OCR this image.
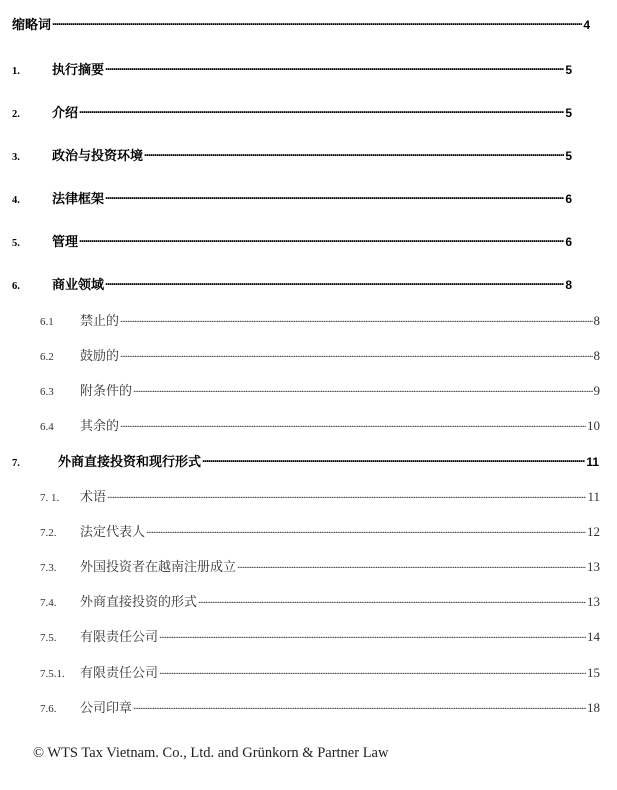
缩略词 .....	4
1.	执行摘要 .....	5
2.	介绍 .....	5
3.	政治与投资环境 .....	5
4.	法律框架 .....	6
5.	管理 .....	6
6.	商业领域 .....	8
6.1	禁止的 .....	8
6.2	鼓励的 .....	8
6.3	附条件的 .....	9
6.4	其余的 .....	10
7.	外商直接投资和现行形式 .....	11
7. 1.	术语 .....	11
7.2.	法定代表人 .....	12
7.3.	外国投资者在越南注册成立 .....	13
7.4.	外商直接投资的形式 .....	13
7.5.	有限责任公司 .....	14
7.5.1.	有限责任公司 .....	15
7.6.	公司印章 .....	18
© WTS Tax Vietnam. Co., Ltd. and Grünkorn & Partner Law
